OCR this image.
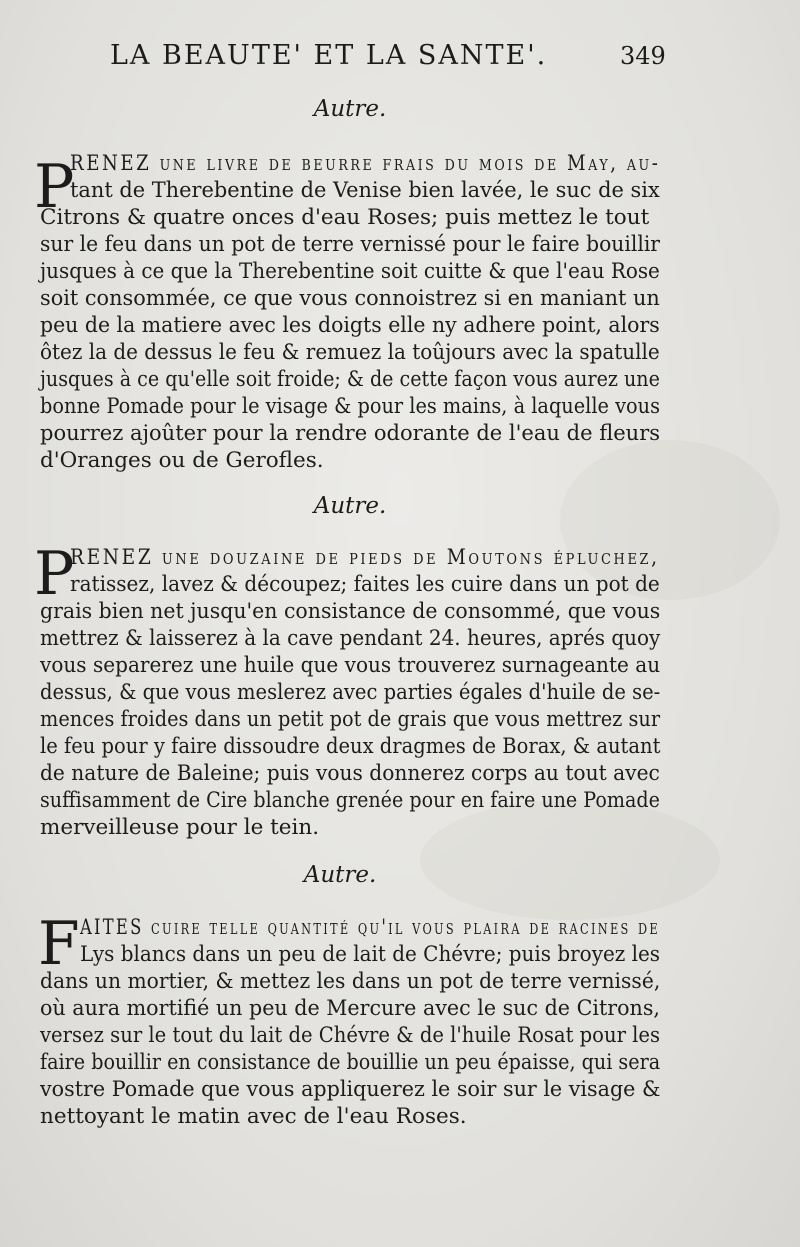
LA BEAUTE' ET LA SANTE'.	349
Autre.
P
RENEZ une livre de beurre frais du mois de May, au-
tant de Therebentine de Venise bien lavée, le suc de six
Citrons & quatre onces d'eau Roses; puis mettez le tout
sur le feu dans un pot de terre vernissé pour le faire bouillir
jusques à ce que la Therebentine soit cuitte & que l'eau Rose
soit consommée, ce que vous connoistrez si en maniant un
peu de la matiere avec les doigts elle ny adhere point, alors
ôtez la de dessus le feu & remuez la toûjours avec la spatulle
jusques à ce qu'elle soit froide; & de cette façon vous aurez une
bonne Pomade pour le visage & pour les mains, à laquelle vous
pourrez ajoûter pour la rendre odorante de l'eau de fleurs
d'Oranges ou de Gerofles.
Autre.
P
RENEZ une douzaine de pieds de Moutons épluchez,
ratissez, lavez & découpez; faites les cuire dans un pot de
grais bien net jusqu'en consistance de consommé, que vous
mettrez & laisserez à la cave pendant 24. heures, aprés quoy
vous separerez une huile que vous trouverez surnageante au
dessus, & que vous meslerez avec parties égales d'huile de se-
mences froides dans un petit pot de grais que vous mettrez sur
le feu pour y faire dissoudre deux dragmes de Borax, & autant
de nature de Baleine; puis vous donnerez corps au tout avec
suffisamment de Cire blanche grenée pour en faire une Pomade
merveilleuse pour le tein.
Autre.
F AITES cuire telle quantité qu'il vous plaira de racines de
Lys blancs dans un peu de lait de Chévre; puis broyez les
dans un mortier, & mettez les dans un pot de terre vernissé,
où aura mortifié un peu de Mercure avec le suc de Citrons,
versez sur le tout du lait de Chévre & de l'huile Rosat pour les
faire bouillir en consistance de bouillie un peu épaisse, qui sera
vostre Pomade que vous appliquerez le soir sur le visage &
nettoyant le matin avec de l'eau Roses.
